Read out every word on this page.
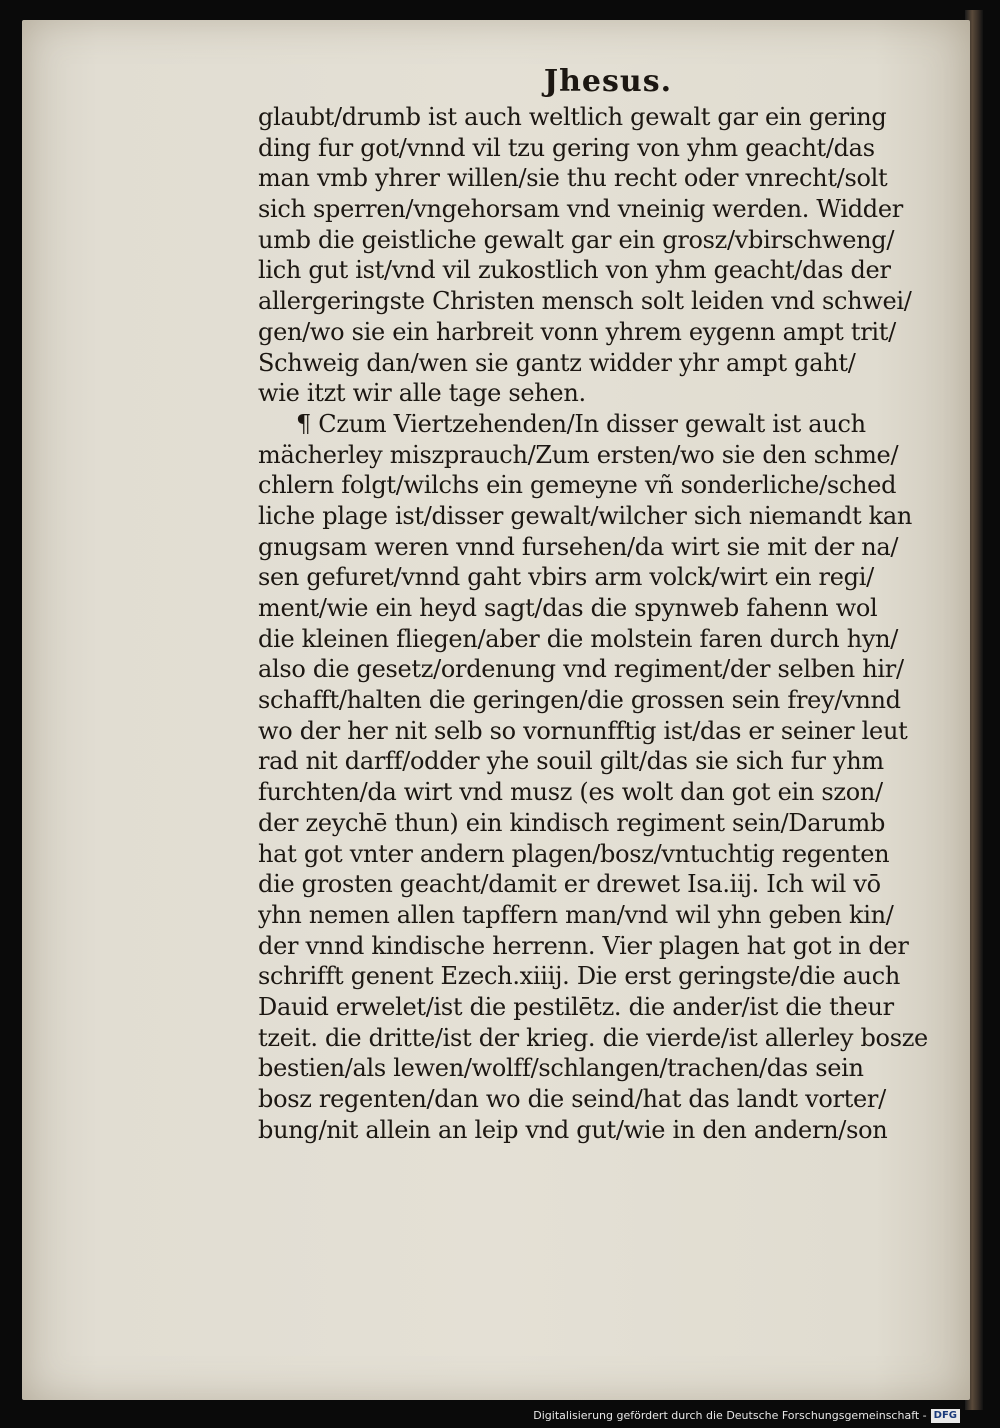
Jhesus.
glaubt/drumb ist auch weltlich gewalt gar ein gering
ding fur got/vnnd vil tzu gering von yhm geacht/das
man vmb yhrer willen/sie thu recht oder vnrecht/solt
sich sperren/vngehorsam vnd vneinig werden. Widder
umb die geistliche gewalt gar ein grosz/vbirschweng/
lich gut ist/vnd vil zukostlich von yhm geacht/das der
allergeringste Christen mensch solt leiden vnd schwei/
gen/wo sie ein harbreit vonn yhrem eygenn ampt trit/
Schweig dan/wen sie gantz widder yhr ampt gaht/
wie itzt wir alle tage sehen.
¶ Czum Viertzehenden/In disser gewalt ist auch
mächerley miszprauch/Zum ersten/wo sie den schme/
chlern folgt/wilchs ein gemeyne vñ sonderliche/sched
liche plage ist/disser gewalt/wilcher sich niemandt kan
gnugsam weren vnnd fursehen/da wirt sie mit der na/
sen gefuret/vnnd gaht vbirs arm volck/wirt ein regi/
ment/wie ein heyd sagt/das die spynweb fahenn wol
die kleinen fliegen/aber die molstein faren durch hyn/
also die gesetz/ordenung vnd regiment/der selben hir/
schafft/halten die geringen/die grossen sein frey/vnnd
wo der her nit selb so vornunfftig ist/das er seiner leut
rad nit darff/odder yhe souil gilt/das sie sich fur yhm
furchten/da wirt vnd musz (es wolt dan got ein szon/
der zeychē thun) ein kindisch regiment sein/Darumb
hat got vnter andern plagen/bosz/vntuchtig regenten
die grosten geacht/damit er drewet Isa.iij. Ich wil vō
yhn nemen allen tapffern man/vnd wil yhn geben kin/
der vnnd kindische herrenn. Vier plagen hat got in der
schrifft genent Ezech.xiiij. Die erst geringste/die auch
Dauid erwelet/ist die pestilētz. die ander/ist die theur
tzeit. die dritte/ist der krieg. die vierde/ist allerley bosze
bestien/als lewen/wolff/schlangen/trachen/das sein
bosz regenten/dan wo die seind/hat das landt vorter/
bung/nit allein an leip vnd gut/wie in den andern/son
Digitalisierung gefördert durch die Deutsche Forschungsgemeinschaft - DFG
